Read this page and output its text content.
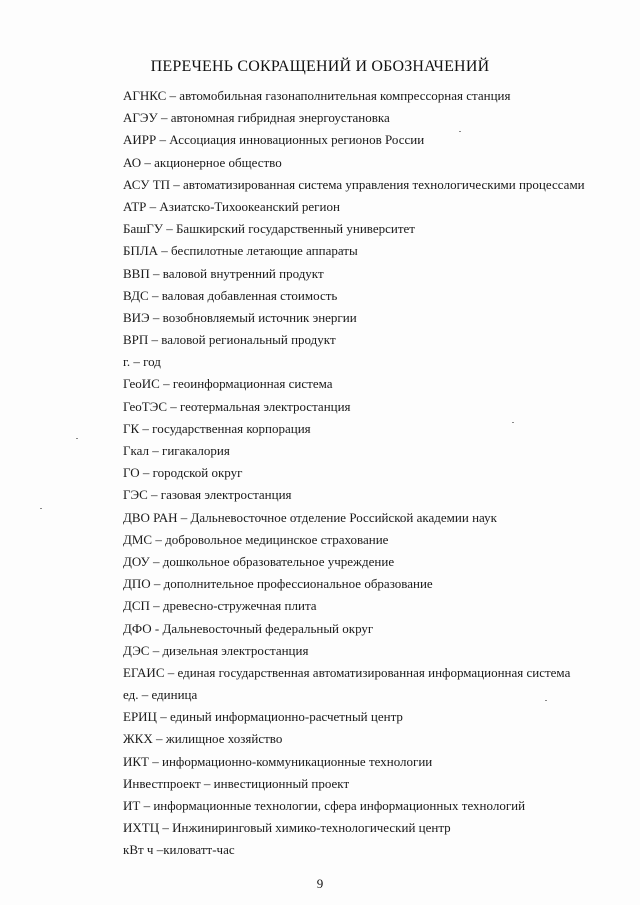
ПЕРЕЧЕНЬ СОКРАЩЕНИЙ И ОБОЗНАЧЕНИЙ
АГНКС – автомобильная газонаполнительная компрессорная станция
АГЭУ – автономная гибридная энергоустановка
АИРР – Ассоциация инновационных регионов России
АО – акционерное общество
АСУ ТП – автоматизированная система управления технологическими процессами
АТР – Азиатско-Тихоокеанский регион
БашГУ – Башкирский государственный университет
БПЛА – беспилотные летающие аппараты
ВВП – валовой внутренний продукт
ВДС – валовая добавленная стоимость
ВИЭ – возобновляемый источник энергии
ВРП – валовой региональный продукт
г. – год
ГеоИС – геоинформационная система
ГеоТЭС – геотермальная электростанция
ГК – государственная корпорация
Гкал – гигакалория
ГО – городской округ
ГЭС – газовая электростанция
ДВО РАН – Дальневосточное отделение Российской академии наук
ДМС – добровольное медицинское страхование
ДОУ – дошкольное образовательное учреждение
ДПО – дополнительное профессиональное образование
ДСП – древесно-стружечная плита
ДФО - Дальневосточный федеральный округ
ДЭС – дизельная электростанция
ЕГАИС – единая государственная автоматизированная информационная система
ед. – единица
ЕРИЦ – единый информационно-расчетный центр
ЖКХ – жилищное хозяйство
ИКТ – информационно-коммуникационные технологии
Инвестпроект – инвестиционный проект
ИТ – информационные технологии, сфера информационных технологий
ИХТЦ – Инжиниринговый химико-технологический центр
кВт ч –киловатт-час
9
